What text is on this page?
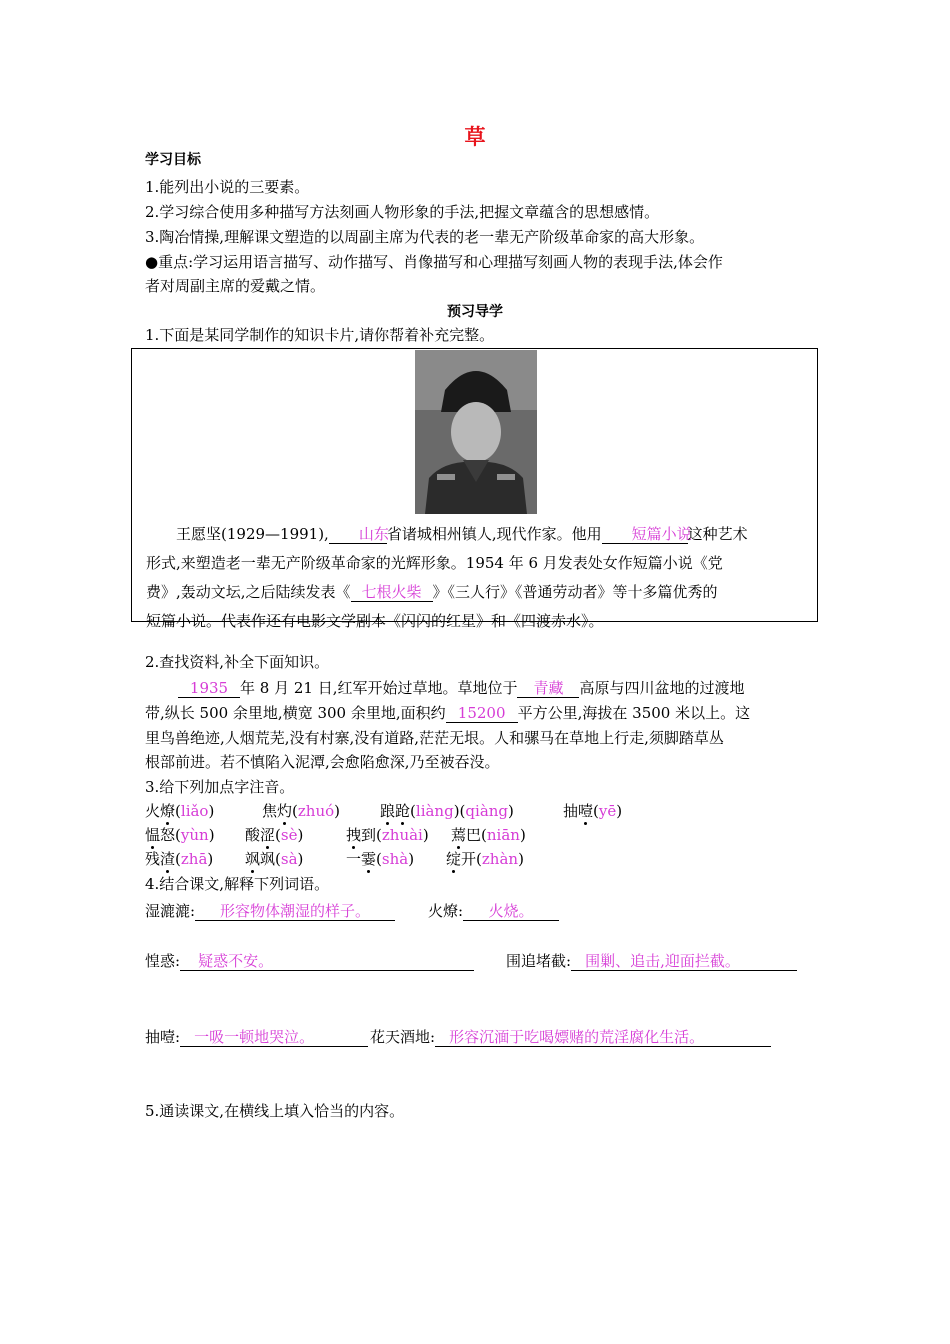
草
学习目标
1.能列出小说的三要素。
2.学习综合使用多种描写方法刻画人物形象的手法,把握文章蕴含的思想感情。
3.陶冶情操,理解课文塑造的以周副主席为代表的老一辈无产阶级革命家的高大形象。
●重点:学习运用语言描写、动作描写、肖像描写和心理描写刻画人物的表现手法,体会作
者对周副主席的爱戴之情。
预习导学
1.下面是某同学制作的知识卡片,请你帮着补充完整。
王愿坚(1929—1991), 山东省诸城相州镇人,现代作家。他用 短篇小说这种艺术
形式,来塑造老一辈无产阶级革命家的光辉形象。1954 年 6 月发表处女作短篇小说《党
费》,轰动文坛,之后陆续发表《 七根火柴 》《三人行》《普通劳动者》等十多篇优秀的
短篇小说。代表作还有电影文学剧本《闪闪的红星》和《四渡赤水》。
2.查找资料,补全下面知识。
1935 年 8 月 21 日,红军开始过草地。草地位于 青藏 高原与四川盆地的过渡地
带,纵长 500 余里地,横宽 300 余里地,面积约 15200 平方公里,海拔在 3500 米以上。这
里鸟兽绝迹,人烟荒芜,没有村寨,没有道路,茫茫无垠。人和骡马在草地上行走,须脚踏草丛
根部前进。若不慎陷入泥潭,会愈陷愈深,乃至被吞没。
3.给下列加点字注音。
火燎(liǎo)	焦灼(zhuó)	踉跄(liàng)(qiàng)	抽噎(yē)
愠怒(yùn) 酸涩(sè)	拽到(zhuài) 蔫巴(niān)
残渣(zhā) 飒飒(sà)	一霎(shà) 绽开(zhàn)
4.结合课文,解释下列词语。
湿漉漉: 形容物体潮湿的样子。	火燎: 火烧。
惶惑: 疑惑不安。	围追堵截: 围剿、追击,迎面拦截。
抽噎: 一吸一顿地哭泣。	花天酒地: 形容沉湎于吃喝嫖赌的荒淫腐化生活。
5.通读课文,在横线上填入恰当的内容。
